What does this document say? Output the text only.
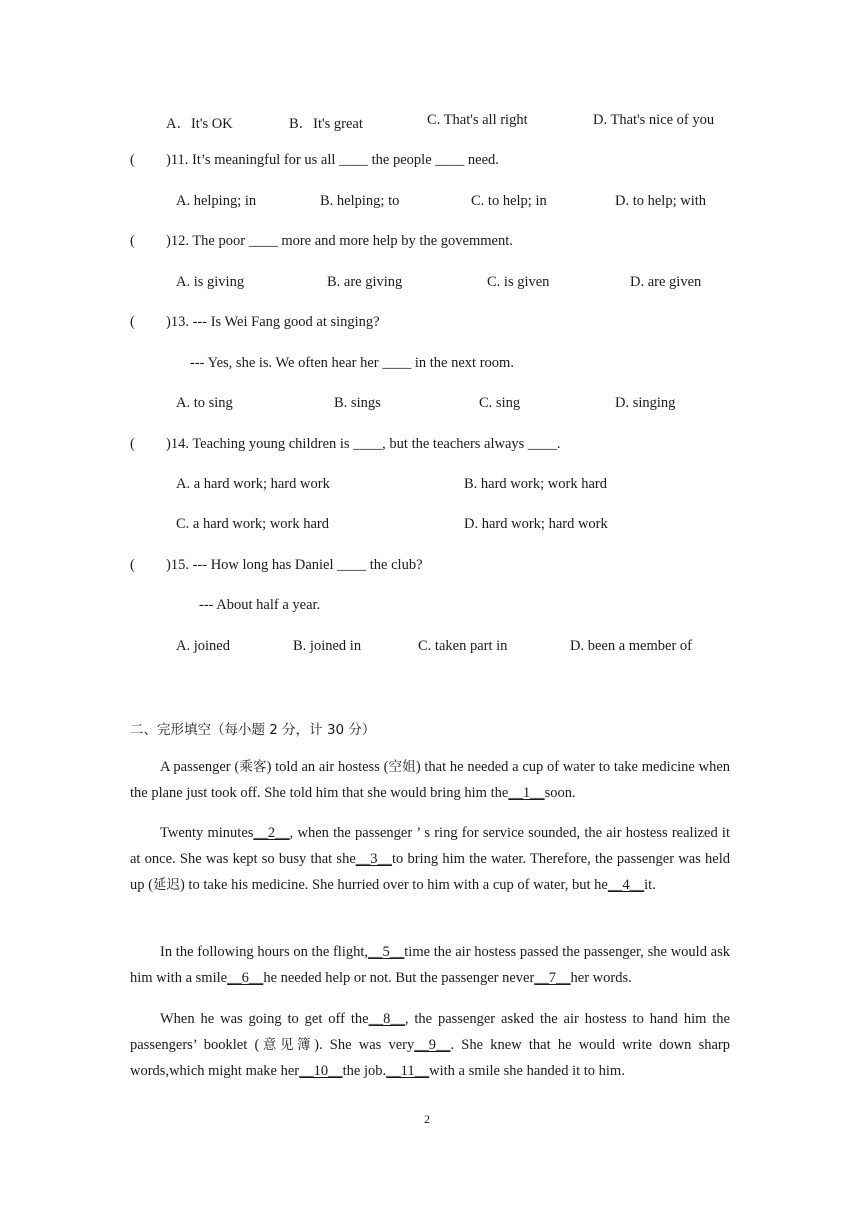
A．It's OK	B．It's great	C. That's all right	D. That's nice of you
( )11. It’s meaningful for us all ____ the people ____ need.
A. helping; in	B. helping; to	C. to help; in	D. to help; with
( )12. The poor ____ more and more help by the govemment.
A. is giving	B. are giving	C. is given	D. are given
( )13. --- Is Wei Fang good at singing?
--- Yes, she is. We often hear her ____ in the next room.
A. to sing	B. sings	C. sing	D. singing
( )14. Teaching young children is ____, but the teachers always ____.
A. a hard work; hard work	B. hard work; work hard
C. a hard work; work hard	D. hard work; hard work
( )15. --- How long has Daniel ____ the club?
--- About half a year.
A. joined	B. joined in	C. taken part in	D. been a member of
二、完形填空（每小题 2 分，计 30 分）
A passenger (乘客) told an air hostess (空姐) that he needed a cup of water to take medicine when the plane just took off. She told him that she would bring him the__1__soon.
Twenty minutes__2__, when the passenger ’ s ring for service sounded, the air hostess realized it at once. She was kept so busy that she__3__to bring him the water. Therefore, the passenger was held up (延迟) to take his medicine. She hurried over to him with a cup of water, but he__4__it.
In the following hours on the flight,__5__time the air hostess passed the passenger, she would ask him with a smile__6__he needed help or not. But the passenger never__7__her words.
When he was going to get off the__8__, the passenger asked the air hostess to hand him the passengers’ booklet (意见簿). She was very__9__. She knew that he would write down sharp words,which might make her__10__the job.__11__with a smile she handed it to him.
2
